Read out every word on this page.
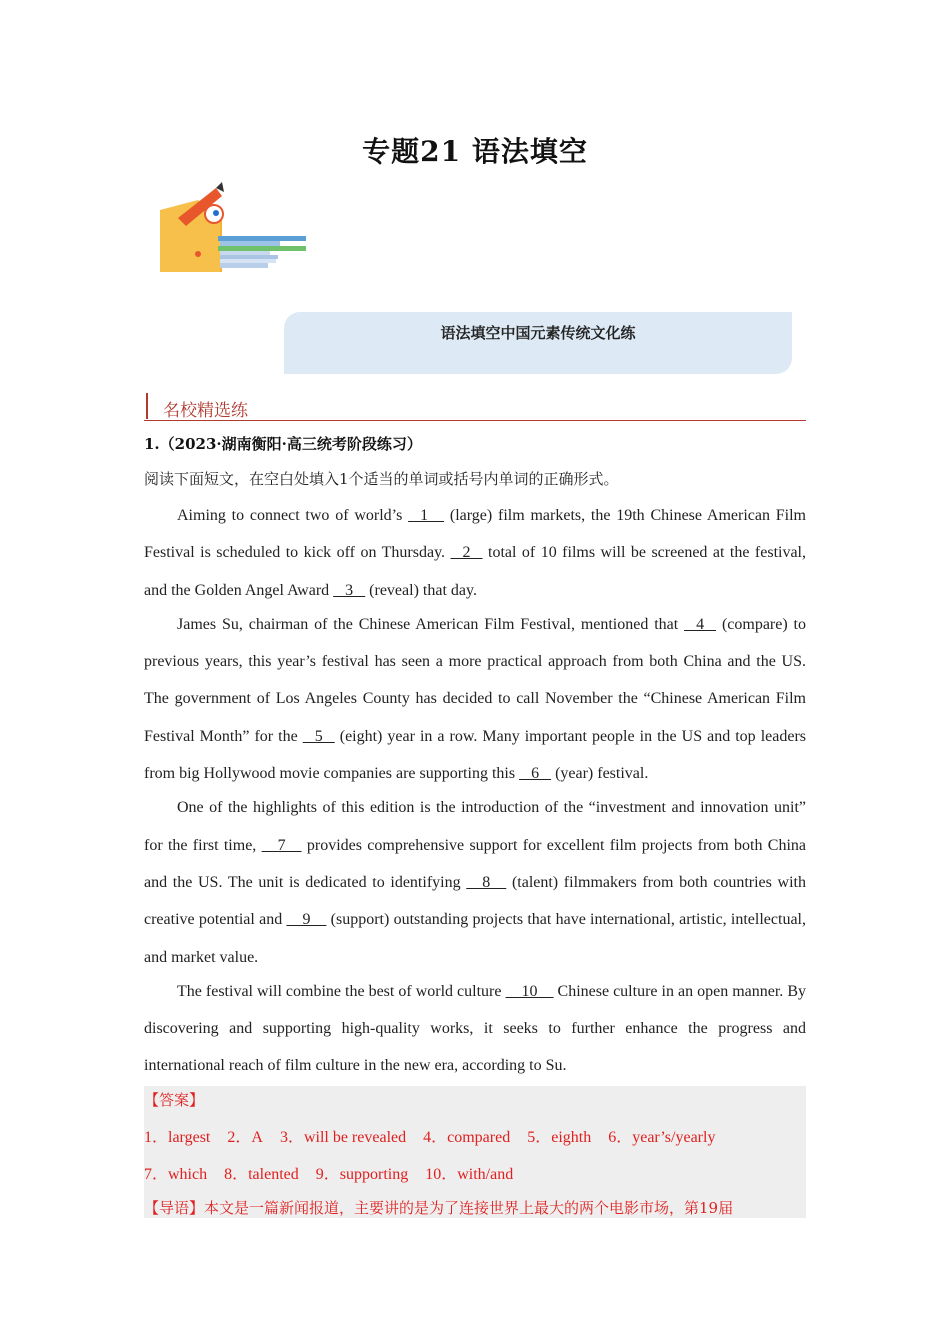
专题21 语法填空
语法填空中国元素传统文化练
名校精选练
1.（2023·湖南衡阳·高三统考阶段练习）
阅读下面短文，在空白处填入1个适当的单词或括号内单词的正确形式。

Aiming to connect two of world’s    1     (large) film markets, the 19th Chinese American Film Festival is scheduled to kick off on Thursday.    2    total of 10 films will be screened at the festival, and the Golden Angel Award    3    (reveal) that day.

James Su, chairman of the Chinese American Film Festival, mentioned that    4    (compare) to previous years, this year’s festival has seen a more practical approach from both China and the US. The government of Los Angeles County has decided to call November the “Chinese American Film Festival Month” for the    5    (eight) year in a row. Many important people in the US and top leaders from big Hollywood movie companies are supporting this    6    (year) festival.

One of the highlights of this edition is the introduction of the “investment and innovation unit” for the first time,     7     provides comprehensive support for excellent film projects from both China and the US. The unit is dedicated to identifying     8     (talent) filmmakers from both countries with creative potential and     9     (support) outstanding projects that have international, artistic, intellectual, and market value.

The festival will combine the best of world culture     10     Chinese culture in an open manner. By discovering and supporting high-quality works, it seeks to further enhance the progress and international reach of film culture in the new era, according to Su.

【答案】
1．largest 2．A 3．will be revealed 4．compared 5．eighth 6．year’s/yearly
7．which 8．talented 9．supporting 10．with/and
【导语】本文是一篇新闻报道，主要讲的是为了连接世界上最大的两个电影市场，第19届
